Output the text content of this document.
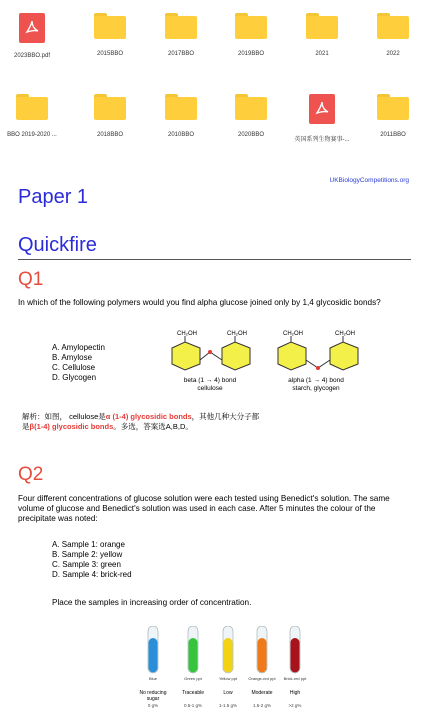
2023BBO.pdf	2015BBO	2017BBO	2019BBO	2021	2022
BBO 2019-2020 ...	2018BBO	2010BBO	2020BBO
英国系列生物赛事-...
2011BBO
UKBiologyCompetitions.org
Paper 1
Quickfire
Q1
In which of the following polymers would you find alpha glucose joined only by 1,4 glycosidic bonds?
A. Amylopectin
B. Amylose
C. Cellulose
D. Glycogen
CH₂OH	CH₂OH	CH₂OH	CH₂OH
beta (1 → 4) bond
cellulose
alpha (1 → 4) bond
starch, glycogen
解析：如图， cellulose是α (1-4) glycosidic bonds，其他几种大分子都
是β(1-4) glycosidic bonds。多选，答案选A,B,D。
Q2
Four different concentrations of glucose solution were each tested using Benedict's solution. The same volume of glucose and Benedict's solution was used in each case. After 5 minutes the colour of the precipitate was noted:
A. Sample 1: orange
B. Sample 2: yellow
C. Sample 3: green
D. Sample 4: brick-red
Place the samples in increasing order of concentration.
Blue
No reducing sugar
0 g%
Green ppt
Traceable
0.5-1 g%
Yellow ppt
Low
1-1.5 g%
Orange-red ppt
Moderate
1.5-2 g%
Brick-red ppt
High
>2 g%
